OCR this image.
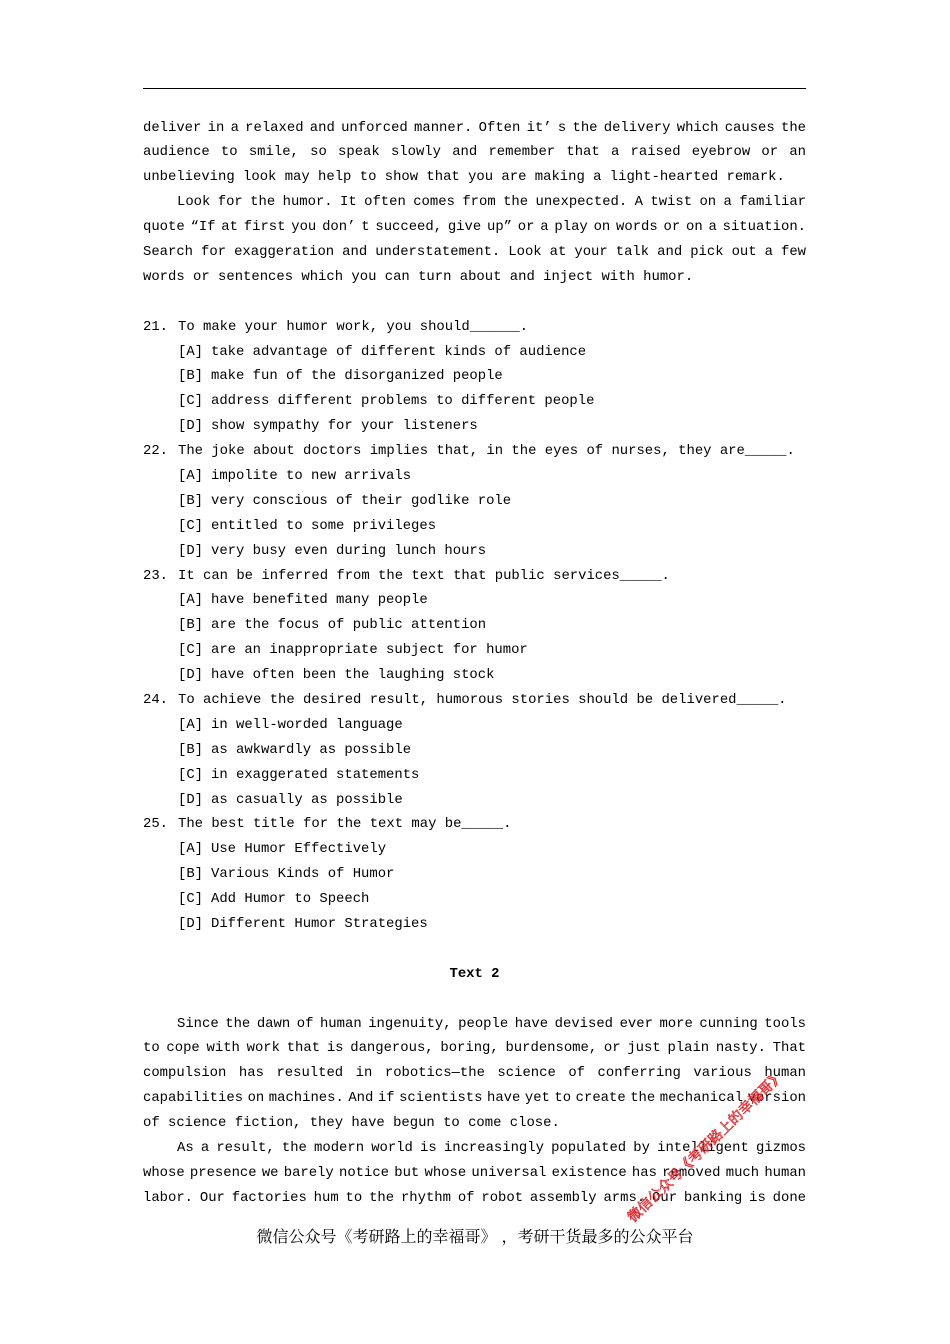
deliver in a relaxed and unforced manner. Often it’ s the delivery which causes the
audience to smile, so speak slowly and remember that a raised eyebrow or an
unbelieving look may help to show that you are making a light-hearted remark.
Look for the humor. It often comes from the unexpected. A twist on a familiar
quote “If at first you don’ t succeed, give up” or a play on words or on a situation.
Search for exaggeration and understatement. Look at your talk and pick out a few
words or sentences which you can turn about and inject with humor.
21. To make your humor work, you should______.
[A] take advantage of different kinds of audience
[B] make fun of the disorganized people
[C] address different problems to different people
[D] show sympathy for your listeners
22. The joke about doctors implies that, in the eyes of nurses, they are_____.
[A] impolite to new arrivals
[B] very conscious of their godlike role
[C] entitled to some privileges
[D] very busy even during lunch hours
23. It can be inferred from the text that public services_____.
[A] have benefited many people
[B] are the focus of public attention
[C] are an inappropriate subject for humor
[D] have often been the laughing stock
24. To achieve the desired result, humorous stories should be delivered_____.
[A] in well-worded language
[B] as awkwardly as possible
[C] in exaggerated statements
[D] as casually as possible
25. The best title for the text may be_____.
[A] Use Humor Effectively
[B] Various Kinds of Humor
[C] Add Humor to Speech
[D] Different Humor Strategies
Text 2
Since the dawn of human ingenuity, people have devised ever more cunning tools
to cope with work that is dangerous, boring, burdensome, or just plain nasty. That
compulsion has resulted in robotics—the science of conferring various human
capabilities on machines. And if scientists have yet to create the mechanical version
of science fiction, they have begun to come close.
As a result, the modern world is increasingly populated by intelligent gizmos
whose presence we barely notice but whose universal existence has removed much human
labor. Our factories hum to the rhythm of robot assembly arms. Our banking is done
微信公众号《考研路上的幸福哥》
微信公众号《考研路上的幸福哥》 ，考研干货最多的公众平台
